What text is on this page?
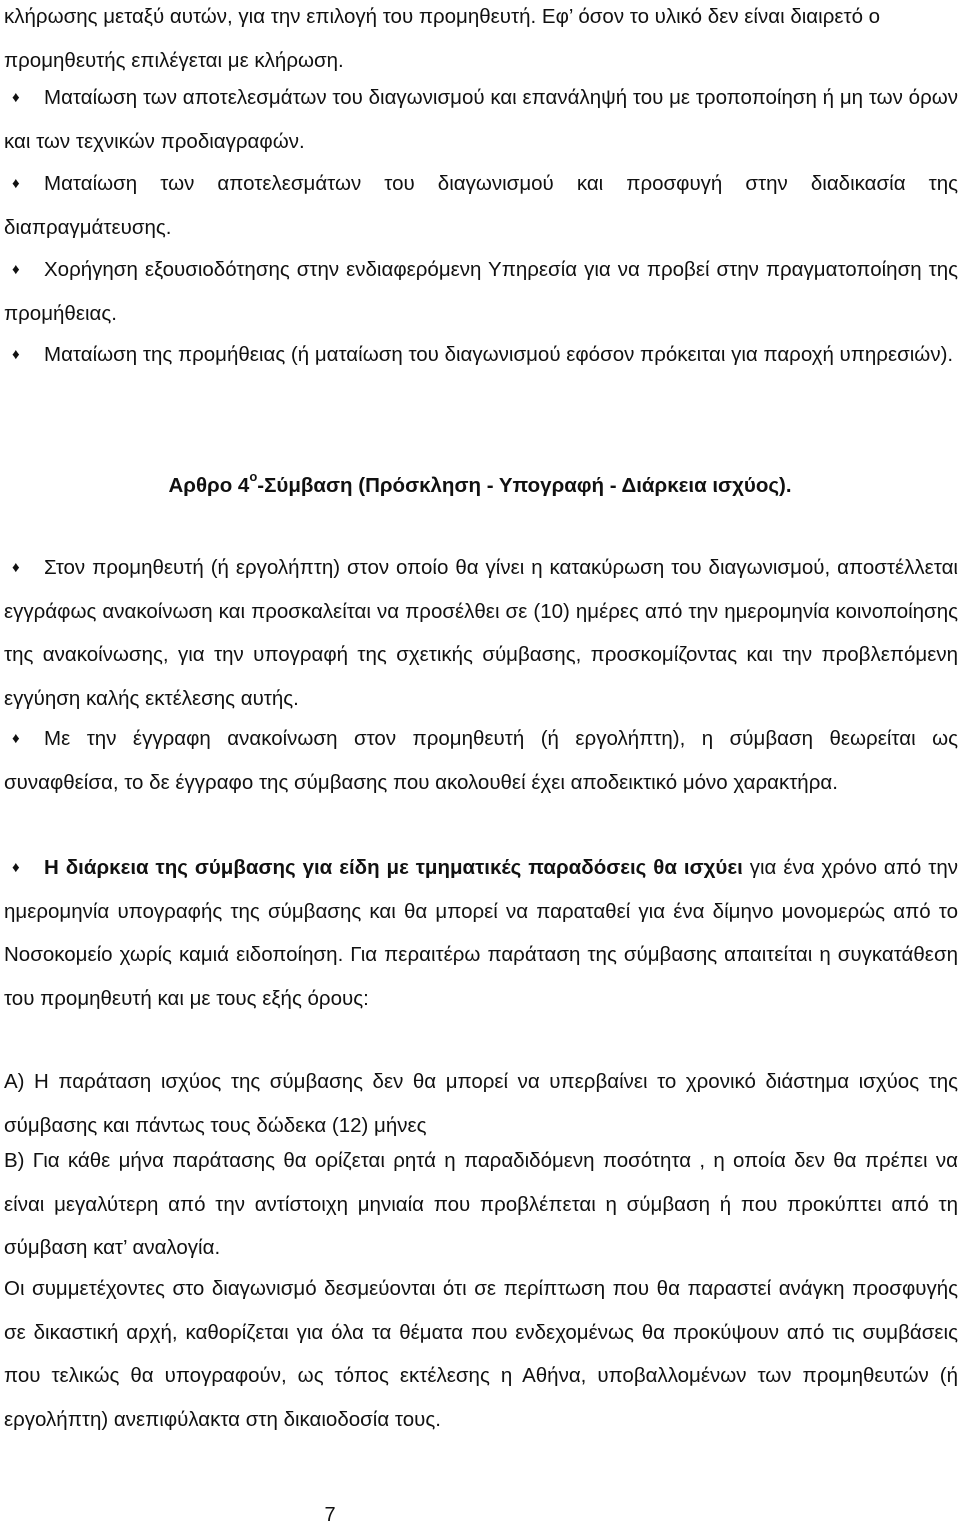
κλήρωσης μεταξύ αυτών, για την επιλογή του προμηθευτή. Εφ’ όσον το υλικό δεν είναι διαιρετό ο προμηθευτής επιλέγεται με κλήρωση.

♦ Ματαίωση των αποτελεσμάτων του διαγωνισμού και επανάληψή του με τροποποίηση ή μη των όρων και των τεχνικών προδιαγραφών.

♦ Ματαίωση των αποτελεσμάτων του διαγωνισμού και προσφυγή στην διαδικασία της διαπραγμάτευσης.

♦ Χορήγηση εξουσιοδότησης στην ενδιαφερόμενη Υπηρεσία για να προβεί στην πραγματοποίηση της προμήθειας.

♦ Ματαίωση της προμήθειας (ή ματαίωση του διαγωνισμού εφόσον πρόκειται για παροχή υπηρεσιών).

Αρθρο $4^o$-Σύμβαση (Πρόσκληση - Υπογραφή - Διάρκεια ισχύος).

♦ Στον προμηθευτή (ή εργολήπτη) στον οποίο θα γίνει η κατακύρωση του διαγωνισμού, αποστέλλεται εγγράφως ανακοίνωση και προσκαλείται να προσέλθει σε (10) ημέρες από την ημερομηνία κοινοποίησης της ανακοίνωσης, για την υπογραφή της σχετικής σύμβασης, προσκομίζοντας και την προβλεπόμενη εγγύηση καλής εκτέλεσης αυτής.

♦ Με την έγγραφη ανακοίνωση στον προμηθευτή (ή εργολήπτη), η σύμβαση θεωρείται ως συναφθείσα, το δε έγγραφο της σύμβασης που ακολουθεί έχει αποδεικτικό μόνο χαρακτήρα.

♦ Η διάρκεια της σύμβασης για είδη με τμηματικές παραδόσεις θα ισχύει για ένα χρόνο από την ημερομηνία υπογραφής της σύμβασης και θα μπορεί να παραταθεί για ένα δίμηνο μονομερώς από το Νοσοκομείο χωρίς καμιά ειδοποίηση. Για περαιτέρω παράταση της σύμβασης απαιτείται η συγκατάθεση του προμηθευτή και με τους εξής όρους:

Α) Η παράταση ισχύος της σύμβασης δεν θα μπορεί να υπερβαίνει το χρονικό διάστημα ισχύος της σύμβασης και πάντως τους δώδεκα (12) μήνες

Β) Για κάθε μήνα παράτασης θα ορίζεται ρητά η παραδιδόμενη ποσότητα , η οποία δεν θα πρέπει να είναι μεγαλύτερη από την αντίστοιχη μηνιαία που προβλέπεται η σύμβαση ή που προκύπτει από τη σύμβαση κατ’ αναλογία.

Οι συμμετέχοντες στο διαγωνισμό δεσμεύονται ότι σε περίπτωση που θα παραστεί ανάγκη προσφυγής σε δικαστική αρχή, καθορίζεται για όλα τα θέματα που ενδεχομένως θα προκύψουν από τις συμβάσεις που τελικώς θα υπογραφούν, ως τόπος εκτέλεσης η Αθήνα, υποβαλλομένων των προμηθευτών (ή εργολήπτη) ανεπιφύλακτα στη δικαιοδοσία τους.

7
